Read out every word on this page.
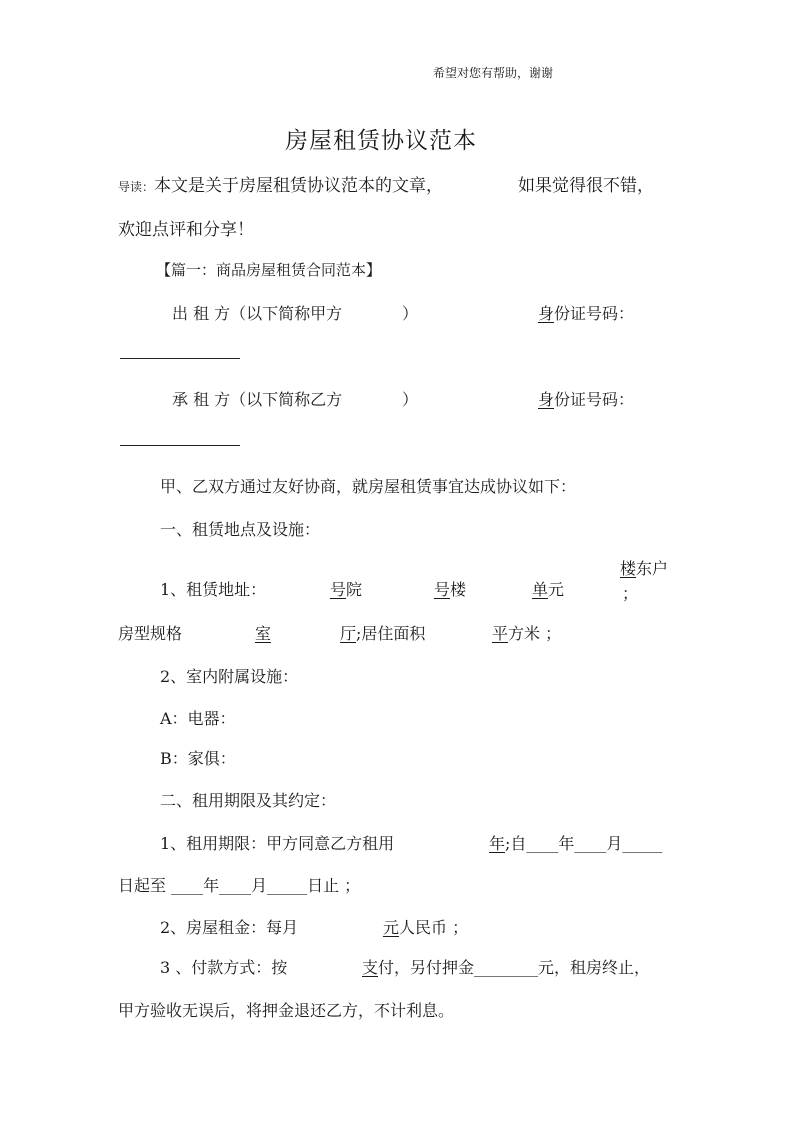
希望对您有帮助，谢谢
房屋租赁协议范本
导读：本文是关于房屋租赁协议范本的文章，	如果觉得很不错，
欢迎点评和分享！
【篇一：商品房屋租赁合同范本】
出 租 方（以下简称甲方	）	身份证号码：
承 租 方（以下简称乙方	）	身份证号码：
甲、乙双方通过友好协商，就房屋租赁事宜达成协议如下：
一、租赁地点及设施：
楼东户
1、租赁地址：	号院	号楼	单元	；
房型规格	室	厅;居住面积	平方米 ；
2、室内附属设施：
A：电器：
B：家俱：
二、租用期限及其约定：
1、租用期限：甲方同意乙方租用	年;自____年____月_____
日起至 ____年____月_____日止 ；
2、房屋租金：每月	元人民币 ；
3 、付款方式：按	支付，另付押金________元，租房终止，
甲方验收无误后，将押金退还乙方，不计利息。
